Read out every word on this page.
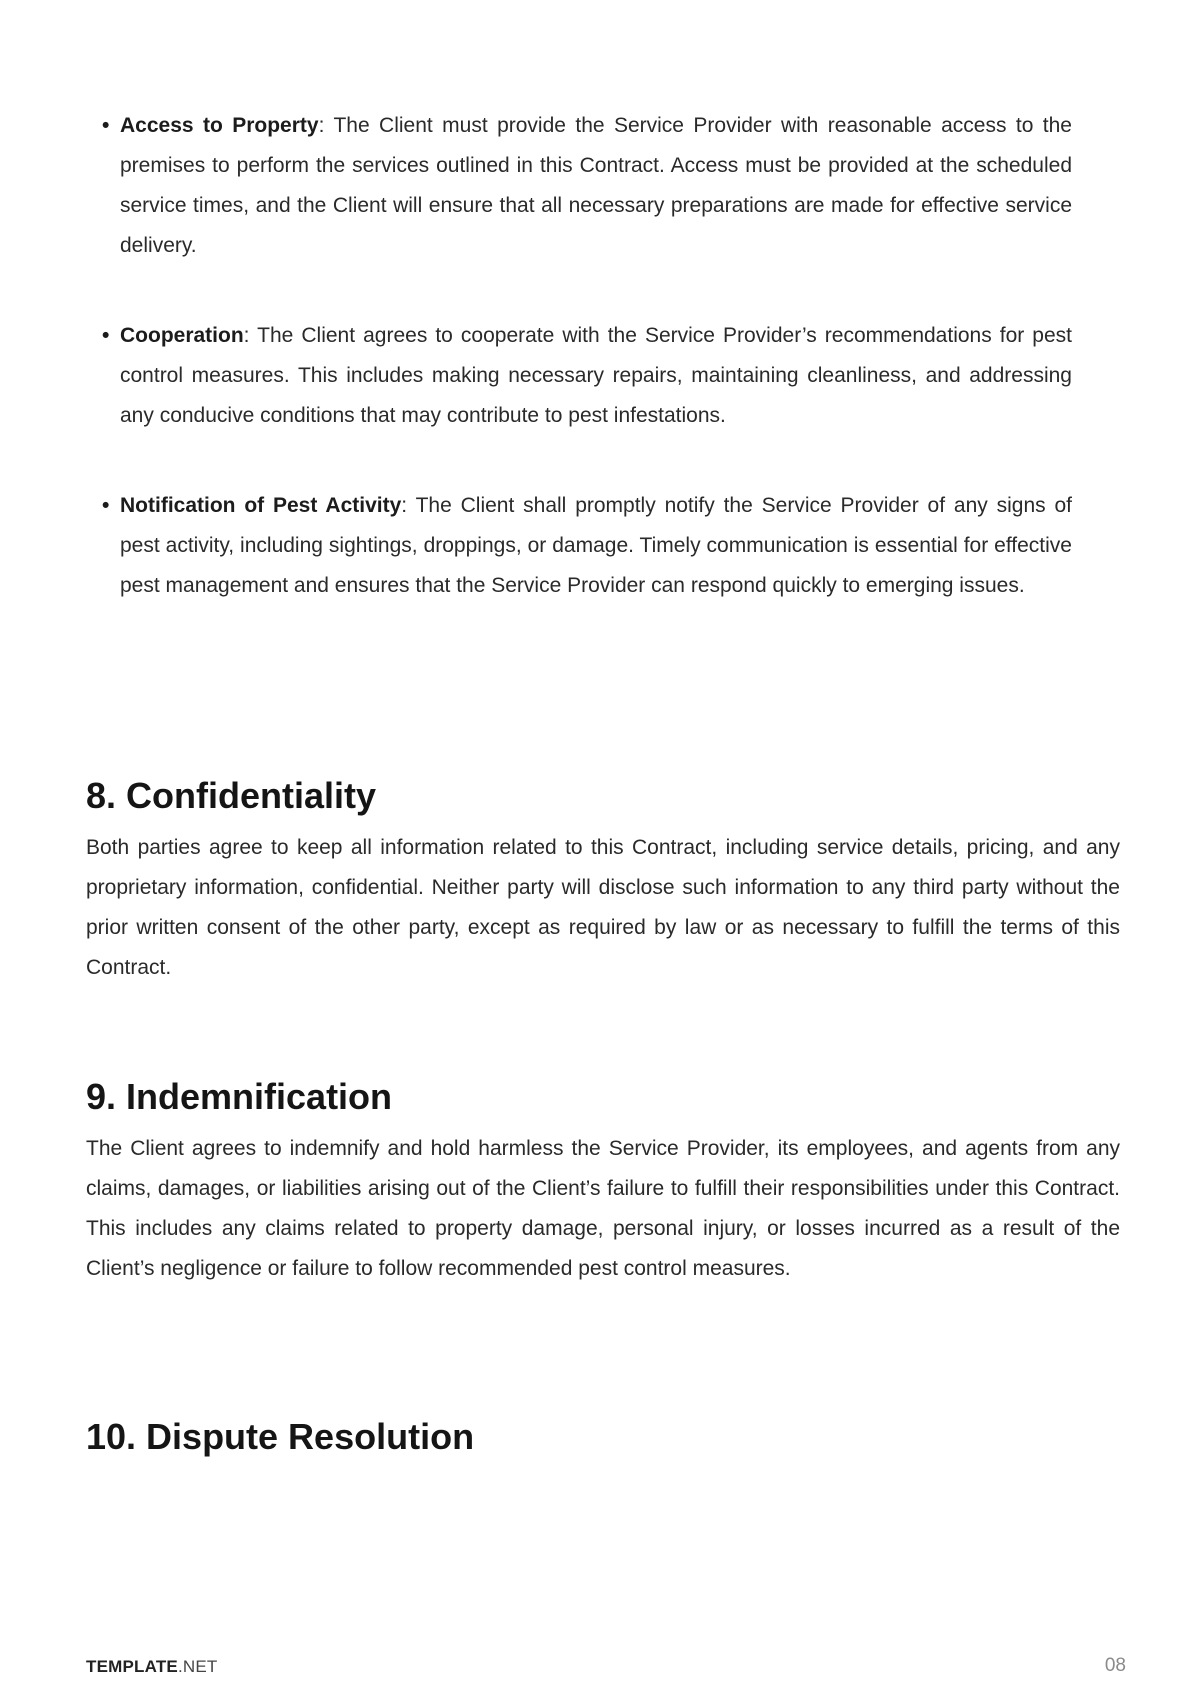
• Access to Property: The Client must provide the Service Provider with reasonable access to the premises to perform the services outlined in this Contract. Access must be provided at the scheduled service times, and the Client will ensure that all necessary preparations are made for effective service delivery.
• Cooperation: The Client agrees to cooperate with the Service Provider’s recommendations for pest control measures. This includes making necessary repairs, maintaining cleanliness, and addressing any conducive conditions that may contribute to pest infestations.
• Notification of Pest Activity: The Client shall promptly notify the Service Provider of any signs of pest activity, including sightings, droppings, or damage. Timely communication is essential for effective pest management and ensures that the Service Provider can respond quickly to emerging issues.
8. Confidentiality

Both parties agree to keep all information related to this Contract, including service details, pricing, and any proprietary information, confidential. Neither party will disclose such information to any third party without the prior written consent of the other party, except as required by law or as necessary to fulfill the terms of this Contract.

9. Indemnification

The Client agrees to indemnify and hold harmless the Service Provider, its employees, and agents from any claims, damages, or liabilities arising out of the Client’s failure to fulfill their responsibilities under this Contract. This includes any claims related to property damage, personal injury, or losses incurred as a result of the Client’s negligence or failure to follow recommended pest control measures.

10. Dispute Resolution
TEMPLATE.NET	08
